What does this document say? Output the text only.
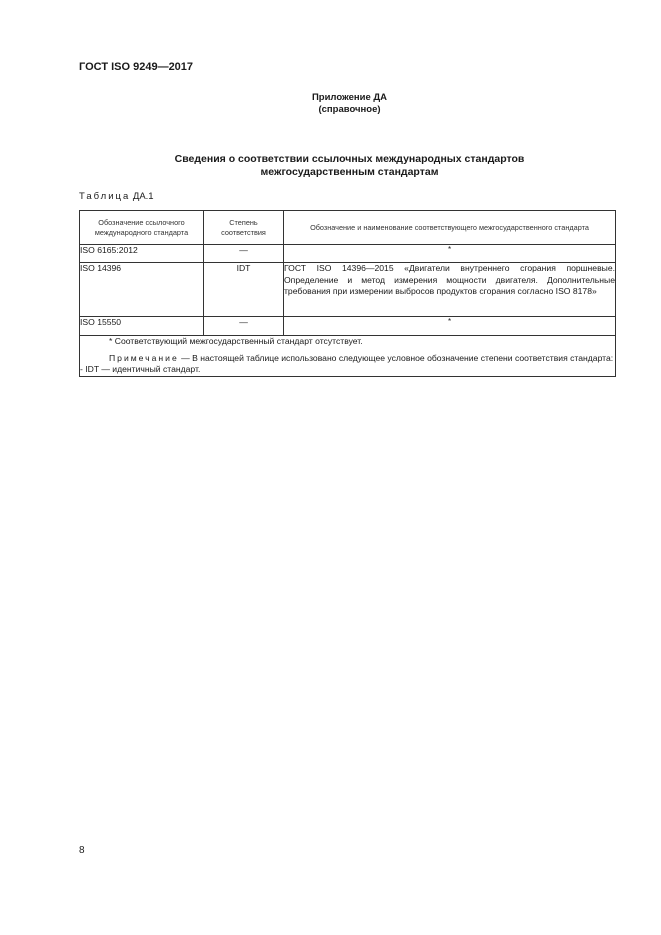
ГОСТ ISO 9249—2017
Приложение ДА
(справочное)
Сведения о соответствии ссылочных международных стандартов
межгосударственным стандартам
Таблица ДА.1
Обозначение ссылочного международного стандарта	Степень соответствия	Обозначение и наименование соответствующего межгосударственного стандарта
ISO 6165:2012	—	*
ISO 14396	IDT	ГОСТ ISO 14396—2015 «Двигатели внутреннего сгорания поршневые. Определение и метод измерения мощности двигателя. Дополнительные требования при измерении выбросов продуктов сгорания согласно ISO 8178»
ISO 15550	—	*

* Соответствующий межгосударственный стандарт отсутствует.

Примечание — В настоящей таблице использовано следующее условное обозначение степени соответствия стандарта:

- IDT — идентичный стандарт.		

8
